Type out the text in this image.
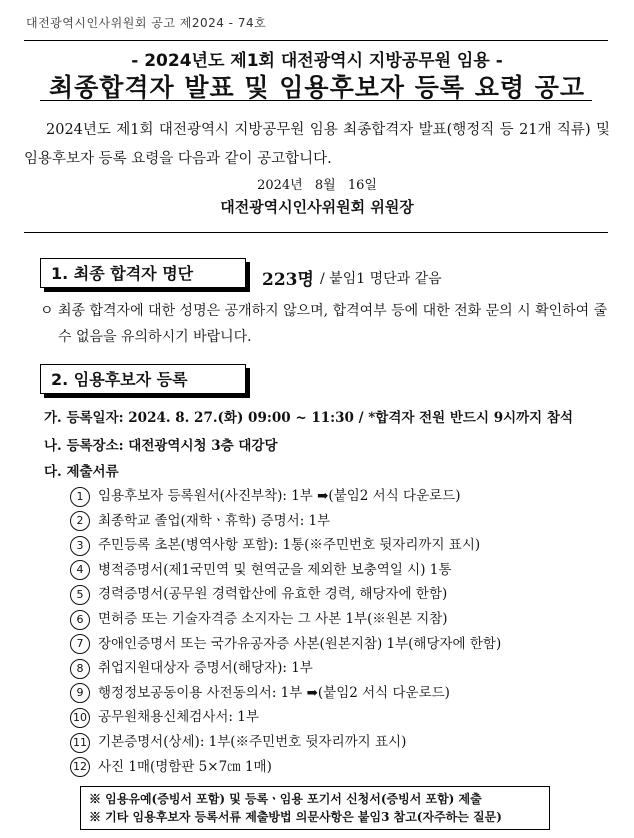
대전광역시인사위원회 공고 제2024 - 74호
- 2024년도 제1회 대전광역시 지방공무원 임용 -
최종합격자 발표 및 임용후보자 등록 요령 공고
2024년도 제1회 대전광역시 지방공무원 임용 최종합격자 발표(행정직 등 21개 직류) 및 임용후보자 등록 요령을 다음과 같이 공고합니다.
2024년 8월 16일
대전광역시인사위원회 위원장
1. 최종 합격자 명단	223명 / 붙임1 명단과 같음
ㅇ 최종 합격자에 대한 성명은 공개하지 않으며, 합격여부 등에 대한 전화 문의 시 확인하여 줄 수 없음을 유의하시기 바랍니다.
2. 임용후보자 등록
가. 등록일자: 2024. 8. 27.(화) 09:00 ~ 11:30 / *합격자 전원 반드시 9시까지 참석
나. 등록장소: 대전광역시청 3층 대강당
다. 제출서류
1 임용후보자 등록원서(사진부착): 1부 ➡(붙임2 서식 다운로드)
2 최종학교 졸업(재학ㆍ휴학) 증명서: 1부
3 주민등록 초본(병역사항 포함): 1통(※주민번호 뒷자리까지 표시)
4 병적증명서(제1국민역 및 현역군을 제외한 보충역일 시) 1통
5 경력증명서(공무원 경력합산에 유효한 경력, 해당자에 한함)
6 면허증 또는 기술자격증 소지자는 그 사본 1부(※원본 지참)
7 장애인증명서 또는 국가유공자증 사본(원본지참) 1부(해당자에 한함)
8 취업지원대상자 증명서(해당자): 1부
9 행정정보공동이용 사전동의서: 1부 ➡(붙임2 서식 다운로드)
10 공무원채용신체검사서: 1부
11 기본증명서(상세): 1부(※주민번호 뒷자리까지 표시)
12 사진 1매(명함판 5×7㎝ 1매)
※ 임용유예(증빙서 포함) 및 등록ㆍ임용 포기서 신청서(증빙서 포함) 제출
※ 기타 임용후보자 등록서류 제출방법 의문사항은 붙임3 참고(자주하는 질문)
